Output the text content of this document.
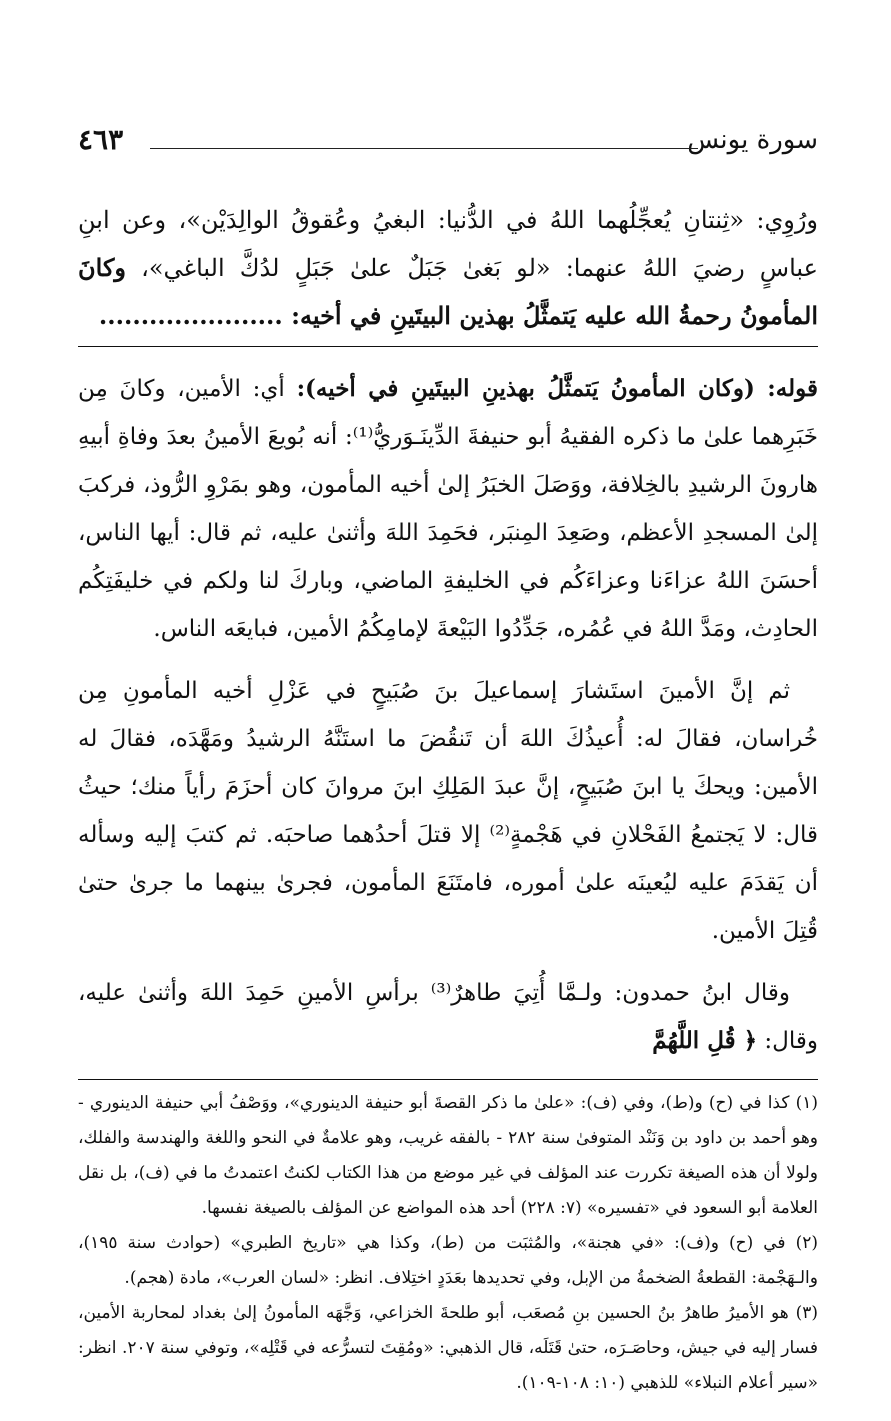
سورة يونس
٤٦٣

ورُوِي: «ثِنتانِ يُعجِّلُهما اللهُ في الدُّنيا: البغيُ وعُقوقُ الوالِدَيْن»، وعن ابنِ عباسٍ رضيَ اللهُ عنهما: «لو بَغىٰ جَبَلٌ علىٰ جَبَلٍ لدُكَّ الباغي»، وكانَ المأمونُ رحمةُ الله عليه يَتمثَّلُ بهذين البيتَينِ في أخيه: ......................

قوله: (وكان المأمونُ يَتمثَّلُ بهذينِ البيتَينِ في أخيه): أي: الأمين، وكانَ مِن خَبَرِهما علىٰ ما ذكره الفقيهُ أبو حنيفةَ الدِّينَـوَريُّ⁽¹⁾: أنه بُويعَ الأمينُ بعدَ وفاةِ أبيهِ هارونَ الرشيدِ بالخِلافة، ووَصَلَ الخبَرُ إلىٰ أخيه المأمون، وهو بمَرْوِ الرُّوذ، فركبَ إلىٰ المسجدِ الأعظم، وصَعِدَ المِنبَر، فحَمِدَ اللهَ وأثنىٰ عليه، ثم قال: أيها الناس، أحسَنَ اللهُ عزاءَنا وعزاءَكُم في الخليفةِ الماضي، وباركَ لنا ولكم في خليفَتِكُم الحادِث، ومَدَّ اللهُ في عُمُره، جَدِّدُوا البَيْعةَ لإمامِكُمُ الأمين، فبايعَه الناس.

ثم إنَّ الأمينَ استَشارَ إسماعيلَ بنَ صُبَيحٍ في عَزْلِ أخيه المأمونِ مِن خُراسان، فقالَ له: أُعيذُكَ اللهَ أن تَنقُضَ ما استَنَّهُ الرشيدُ ومَهَّدَه، فقالَ له الأمين: ويحكَ يا ابنَ صُبَيحٍ، إنَّ عبدَ المَلِكِ ابنَ مروانَ كان أحزَمَ رأياً منك؛ حيثُ قال: لا يَجتمعُ الفَحْلانِ في هَجْمةٍ⁽²⁾ إلا قتلَ أحدُهما صاحبَه. ثم كتبَ إليه وسأله أن يَقدَمَ عليه ليُعينَه علىٰ أموره، فامتَنَعَ المأمون، فجرىٰ بينهما ما جرىٰ حتىٰ قُتِلَ الأمين.

وقال ابنُ حمدون: ولـمَّا أُتِيَ طاهرٌ⁽³⁾ برأسِ الأمينِ حَمِدَ اللهَ وأثنىٰ عليه، وقال: ﴿ قُلِ اللَّهُمَّ

(١) كذا في (ح) و(ط)، وفي (ف): «علىٰ ما ذكر القصةَ أبو حنيفة الدينوري»، ووَصْفُ أبي حنيفة الدينوري - وهو أحمد بن داود بن وَنَنْد المتوفىٰ سنة ٢٨٢ - بالفقه غريب، وهو علامةٌ في النحو واللغة والهندسة والفلك، ولولا أن هذه الصيغة تكررت عند المؤلف في غير موضع من هذا الكتاب لكنتُ اعتمدتُ ما في (ف)، بل نقل العلامة أبو السعود في «تفسيره» (٧: ٢٢٨) أحد هذه المواضع عن المؤلف بالصيغة نفسها.

(٢) في (ح) و(ف): «في هجنة»، والمُثبَت من (ط)، وكذا هي «تاريخ الطبري» (حوادث سنة ١٩٥)، والـهَجْمة: القطعةُ الضخمةُ من الإبل، وفي تحديدها بعَدَدٍ اختِلاف. انظر: «لسان العرب»، مادة (هجم).

(٣) هو الأميرُ طاهرُ بنُ الحسين بنِ مُصعَب، أبو طلحةَ الخزاعي، وَجَّهَه المأمونُ إلىٰ بغداد لمحاربة الأمين، فسار إليه في جيش، وحاصَـرَه، حتىٰ قَتَلَه، قال الذهبي: «ومُقِتَ لتسرُّعه في قَتْلِه»، وتوفي سنة ٢٠٧. انظر: «سير أعلام النبلاء» للذهبي (١٠: ١٠٨-١٠٩).
